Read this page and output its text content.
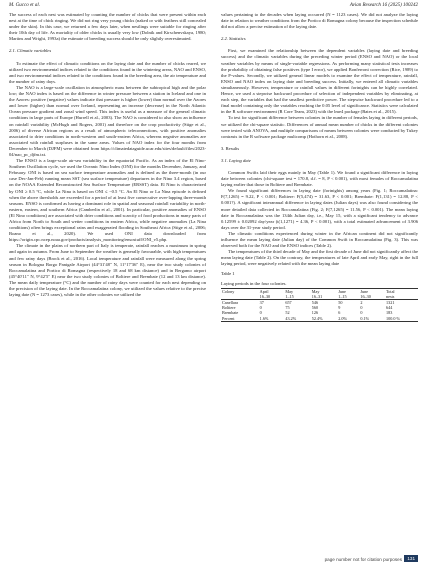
M. Gucco et al.	Avian Research 16 (2025) 100242

The success of each nest was estimated by counting the number of chicks that were present within each nest at the time of chick ringing. We did not ring very young chicks (naked or with feathers still concealed under the skin). In this case, we returned a few days later, when nestlings were suitable for ringing after their 10th day of life. As mortality of older chicks is usually very low (Dolnik and Kirschenvskaya, 1980; Martins and Wright, 1993a) the estimate of breeding success should be only slightly overestimated.

2.1. Climatic variables

To estimate the effect of climatic conditions on the laying date and the number of chicks reared, we utilized two environmental indices related to the conditions found in the wintering areas, NAO and ENSO, and two environmental indices related to the conditions found in the breeding area, the air temperature and the number of rainy days.

The NAO is a large-scale oscillation in atmospheric mass between the subtropical high and the polar low; the NAO index is based on the difference in winter pressure between a station in Iceland and one in the Azores: positive (negative) values indicate that pressure is higher (lower) than normal over the Azores and lower (higher) than normal over Iceland, representing an increase (decrease) in the North Atlantic Ocean pressure gradient and zonal wind speed. This index is useful as a measure of the general climatic conditions in large parts of Europe (Hurrell et al., 2003). The NAO is considered to also show an influence on rainfall variability (McHugh and Rogers, 2001) and therefore on the crop productivity (Stige et al., 2006) of diverse African regions as a result of atmospheric teleconnections, with positive anomalies associated to drier conditions in north-western and south-eastern Africa, whereas negative anomalies are associated with rainfall surpluses in the same areas. Values of NAO index for the four months from December to March (DJFM) were obtained from https://climatedataguide.ucar.edu/sites/default/files/2023-04/nao_pc_djfm.txt.

The ENSO is a large-scale air-sea variability in the equatorial Pacific. As an index of the El Nino-Southern Oscillation cycle, we used the Oceanic Nino Index (ONI) for the months December, January, and February. ONI is based on sea surface temperature anomalies and is defined as the three-month (in our case Dec-Jan-Feb) running mean SST (sea surface temperature) departures in the Nino 3.4 region, based on the NOAA Extended Reconstructed Sea Surface Temperature (ERSST) data. El Nino is characterized by ONI ≥ 0.5 °C, while La Nina is based on ONI ≤ −0.5 °C. An El Nino or La Nina episode is defined when the above thresholds are exceeded for a period of at least five consecutive over-lapping three-month seasons. ENSO is confirmed as having a dominant role in spatial and seasonal rainfall variability in north-eastern, eastern, and southern Africa (Camberlin et al., 2001). In particular, positive anomalies of ENSO (El Nino conditions) are associated with drier conditions and scarcity of food productions in many parts of Africa from North to South and wetter conditions in eastern Africa, while negative anomalies (La Nina conditions) often brings exceptional rains and exaggerated flooding in Southeast Africa (Stige et al., 2006; Boano et al., 2020). We used ONI data downloaded from https://origin.cpc.ncep.noaa.gov/products/analysis_monitoring/ensostuff/ONI_v5.php.

The climate in the plains of northern part of Italy is temperate, rainfall reaches a maximum in spring and again in autumn. From June to September the weather is generally favourable, with high temperatures and few rainy days (Brock et al., 2016). Local temperature and rainfall were measured along the spring season in Bologna Borgo Panigale Airport (44°31′48″ N, 11°17′36″ E), near the two study colonies of Roccamalatina and Portico di Romagna (respectively 18 and 68 km distance) and in Bergamo airport (45°40′11″ N, 9°42′5″ E) near the two study colonies of Boltiere and Brembate (12 and 13 km distance). The mean daily temperature (°C) and the number of rainy days were counted for each nest depending on the precision of the laying date. In the Roccamalatina colony, we utilized the values relative to the precise laying date (N = 1273 cases), while in the other colonies we utilized the

values pertaining to the decades when laying occurred (N = 1123 cases). We did not analyze the laying date in relation to weather conditions from the Portico di Romagna colony because the inspection schedule did not allow a precise estimation of the laying date.

2.2. Statistics

First, we examined the relationship between the dependent variables (laying date and breeding success) and the climatic variables during the preceding winter period (ENSO and NAO) or the local weather variables by means of single-variable regressions. As performing many statistical tests increases the probability of obtaining false positives (type I error), we applied Bonferroni correction (Rice, 1989) to the P-values. Secondly, we utilized general linear models to examine the effect of temperature, rainfall, ENSO and NAO index on laying date and breeding success. Initially, we entered all climatic variables simultaneously. However, temperature or rainfall values in different fortnights can be highly correlated. Hence, we used a stepwise backward procedure of selection of independent variables by eliminating, at each step, the variables that had the smallest predictive power. The stepwise backward procedure led to a final model containing only the variables reaching the 0.05 level of significance. Statistics were calculated in the R software environment (R Core Team, 2023) with the lme4 package (Bates et al., 2015).

To test for significant difference between colonies in the number of females laying in different periods, we utilized the chi-square statistic. Differences of annual mean number of chicks in the different colonies were tested with ANOVA, and multiple comparisons of means between colonies were conducted by Tukey contrasts in the R software package multcomp (Hothorn et al., 2008).

3. Results
3.1. Laying date

Common Swifts laid their eggs mainly in May (Table 1). We found a significant difference in laying date between colonies (chi-square test = 170.8, d.f. = 8, P < 0.001), with most females of Roccamalatina laying earlier that those in Boltiere and Brembate.

We found significant differences in laying date (fortnights) among years (Fig. 1; Roccamalatina: F(7,1265) = 9.22, P < 0.001; Boltiere: F(5,474) = 31.63, P < 0.001; Brembate: F(1,131) = 12.88, P < 0.001?). A significant interannual difference in laying dates (Julian days) was also found considering the more detailed data collected in Roccamalatina (Fig. 2; F(7,1265) = 11.56, P < 0.001). The mean laying date in Roccamalatina was the 134th Julian day, i.e., May 15, with a significant tendency to advance 0.12599 ± 0.02092 day/year (t(1,1271) = 4.36, P < 0.001), with a total estimated advancement of 3.906 days over the 31-year study period.

The climatic conditions experienced during winter in the African continent did not significantly influence the mean laying date (Julian day) of the Common Swift in Roccamalatina (Fig. 3). This was observed both for the NAO and the ENSO indices (Table 2).

The temperatures of the third decade of May and the first decade of June did not significantly affect the mean laying date (Table 2). On the contrary, the temperatures of late April and early May, right in the full laying period, were negatively related with the mean laying date

Table 1
Laying periods in the four colonies.
Colony	April	May	May	June	June	Total
	16–30	1–15	16–31	1–15	16–30	nests
Canellara	37	657	546	50	2	1321
Boltiere	0	75	560	9	0	644
Brembate	0	52	126	6	0	183
Percent	1.6%	43.2%	52.4%	2.0%	0.1%	100.0 %
page number not for citation purposes	131
